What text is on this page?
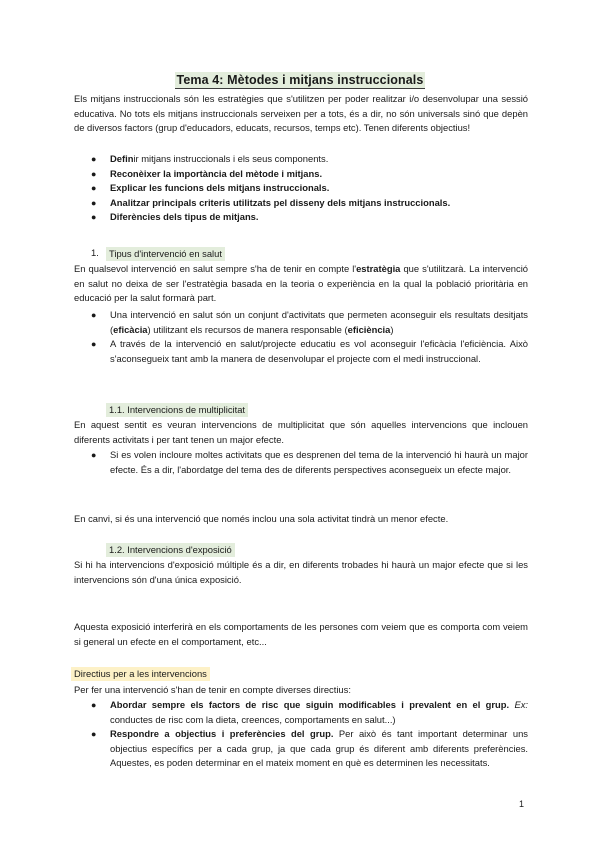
Tema 4: Mètodes i mitjans instruccionals

Els mitjans instruccionals són les estratègies que s'utilitzen per poder realitzar i/o desenvolupar una sessió educativa. No tots els mitjans instruccionals serveixen per a tots, és a dir, no són universals sinó que depèn de diversos factors (grup d'educadors, educats, recursos, temps etc). Tenen diferents objectius!

● Definir mitjans instruccionals i els seus components.
● Reconèixer la importància del mètode i mitjans.
● Explicar les funcions dels mitjans instruccionals.
● Analitzar principals criteris utilitzats pel disseny dels mitjans instruccionals.
● Diferències dels tipus de mitjans.
1.	Tipus d'intervenció en salut

En qualsevol intervenció en salut sempre s'ha de tenir en compte l'estratègia que s'utilitzarà. La intervenció en salut no deixa de ser l'estratègia basada en la teoria o experiència en la qual la població prioritària en educació per la salut formarà part.

● Una intervenció en salut són un conjunt d'activitats que permeten aconseguir els resultats desitjats (eficàcia) utilitzant els recursos de manera responsable (eficiència)
● A través de la intervenció en salut/projecte educatiu es vol aconseguir l'eficàcia l'eficiència. Això s'aconsegueix tant amb la manera de desenvolupar el projecte com el medi instruccional.
1.1. Intervencions de multiplicitat

En aquest sentit es veuran intervencions de multiplicitat que són aquelles intervencions que inclouen diferents activitats i per tant tenen un major efecte.

● Si es volen incloure moltes activitats que es desprenen del tema de la intervenció hi haurà un major efecte. És a dir, l'abordatge del tema des de diferents perspectives aconsegueix un efecte major.

En canvi, si és una intervenció que només inclou una sola activitat tindrà un menor efecte.

1.2. Intervencions d'exposició

Si hi ha intervencions d'exposició múltiple és a dir, en diferents trobades hi haurà un major efecte que si les intervencions són d'una única exposició.

Aquesta exposició interferirà en els comportaments de les persones com veiem que es comporta com veiem si general un efecte en el comportament, etc...

Directius per a les intervencions

Per fer una intervenció s'han de tenir en compte diverses directius:

● Abordar sempre els factors de risc que siguin modificables i prevalent en el grup. Ex: conductes de risc com la dieta, creences, comportaments en salut...)
● Respondre a objectius i preferències del grup. Per això és tant important determinar uns objectius específics per a cada grup, ja que cada grup és diferent amb diferents preferències. Aquestes, es poden determinar en el mateix moment en què es determinen les necessitats.
1
